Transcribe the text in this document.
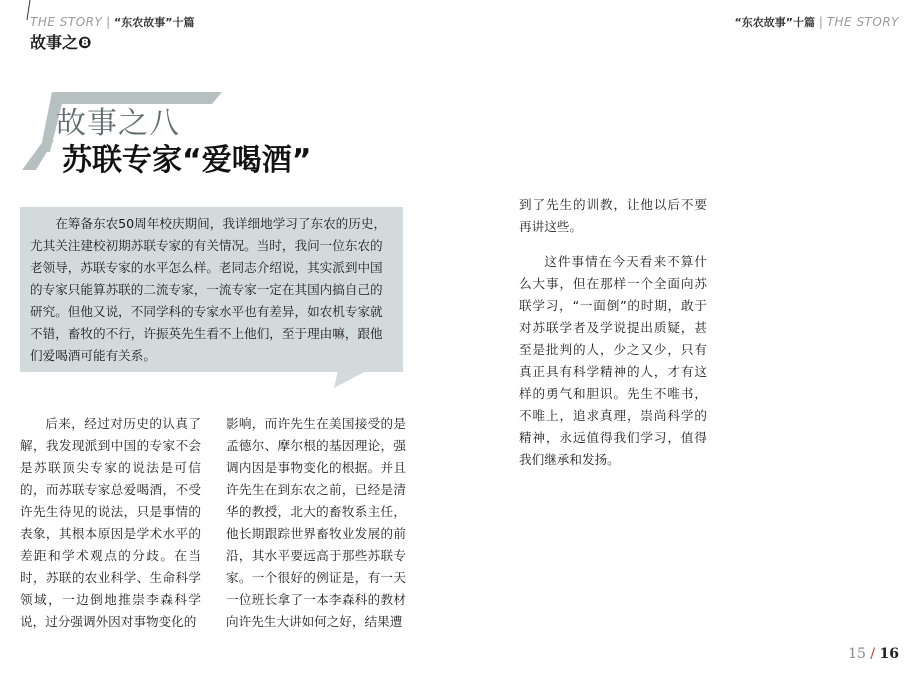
THE STORY | “东农故事”十篇	“东农故事”十篇 | THE STORY
故事之❽
故事之八
苏联专家“爱喝酒”

在筹备东农50周年校庆期间，我详细地学习了东农的历史，尤其关注建校初期苏联专家的有关情况。当时，我问一位东农的老领导，苏联专家的水平怎么样。老同志介绍说，其实派到中国的专家只能算苏联的二流专家，一流专家一定在其国内搞自己的研究。但他又说，不同学科的专家水平也有差异，如农机专家就不错，畜牧的不行，许振英先生看不上他们，至于理由嘛，跟他们爱喝酒可能有关系。

后来，经过对历史的认真了解，我发现派到中国的专家不会是苏联顶尖专家的说法是可信的，而苏联专家总爱喝酒，不受许先生待见的说法，只是事情的表象，其根本原因是学术水平的差距和学术观点的分歧。在当时，苏联的农业科学、生命科学领域，一边倒地推崇李森科学说，过分强调外因对事物变化的

影响，而许先生在美国接受的是孟德尔、摩尔根的基因理论，强调内因是事物变化的根据。并且许先生在到东农之前，已经是清华的教授，北大的畜牧系主任，他长期跟踪世界畜牧业发展的前沿，其水平要远高于那些苏联专家。一个很好的例证是，有一天一位班长拿了一本李森科的教材向许先生大讲如何之好，结果遭

到了先生的训教，让他以后不要再讲这些。

这件事情在今天看来不算什么大事，但在那样一个全面向苏联学习，“一面倒”的时期，敢于对苏联学者及学说提出质疑，甚至是批判的人，少之又少，只有真正具有科学精神的人，才有这样的勇气和胆识。先生不唯书，不唯上，追求真理，崇尚科学的精神，永远值得我们学习，值得我们继承和发扬。

15 / 16
